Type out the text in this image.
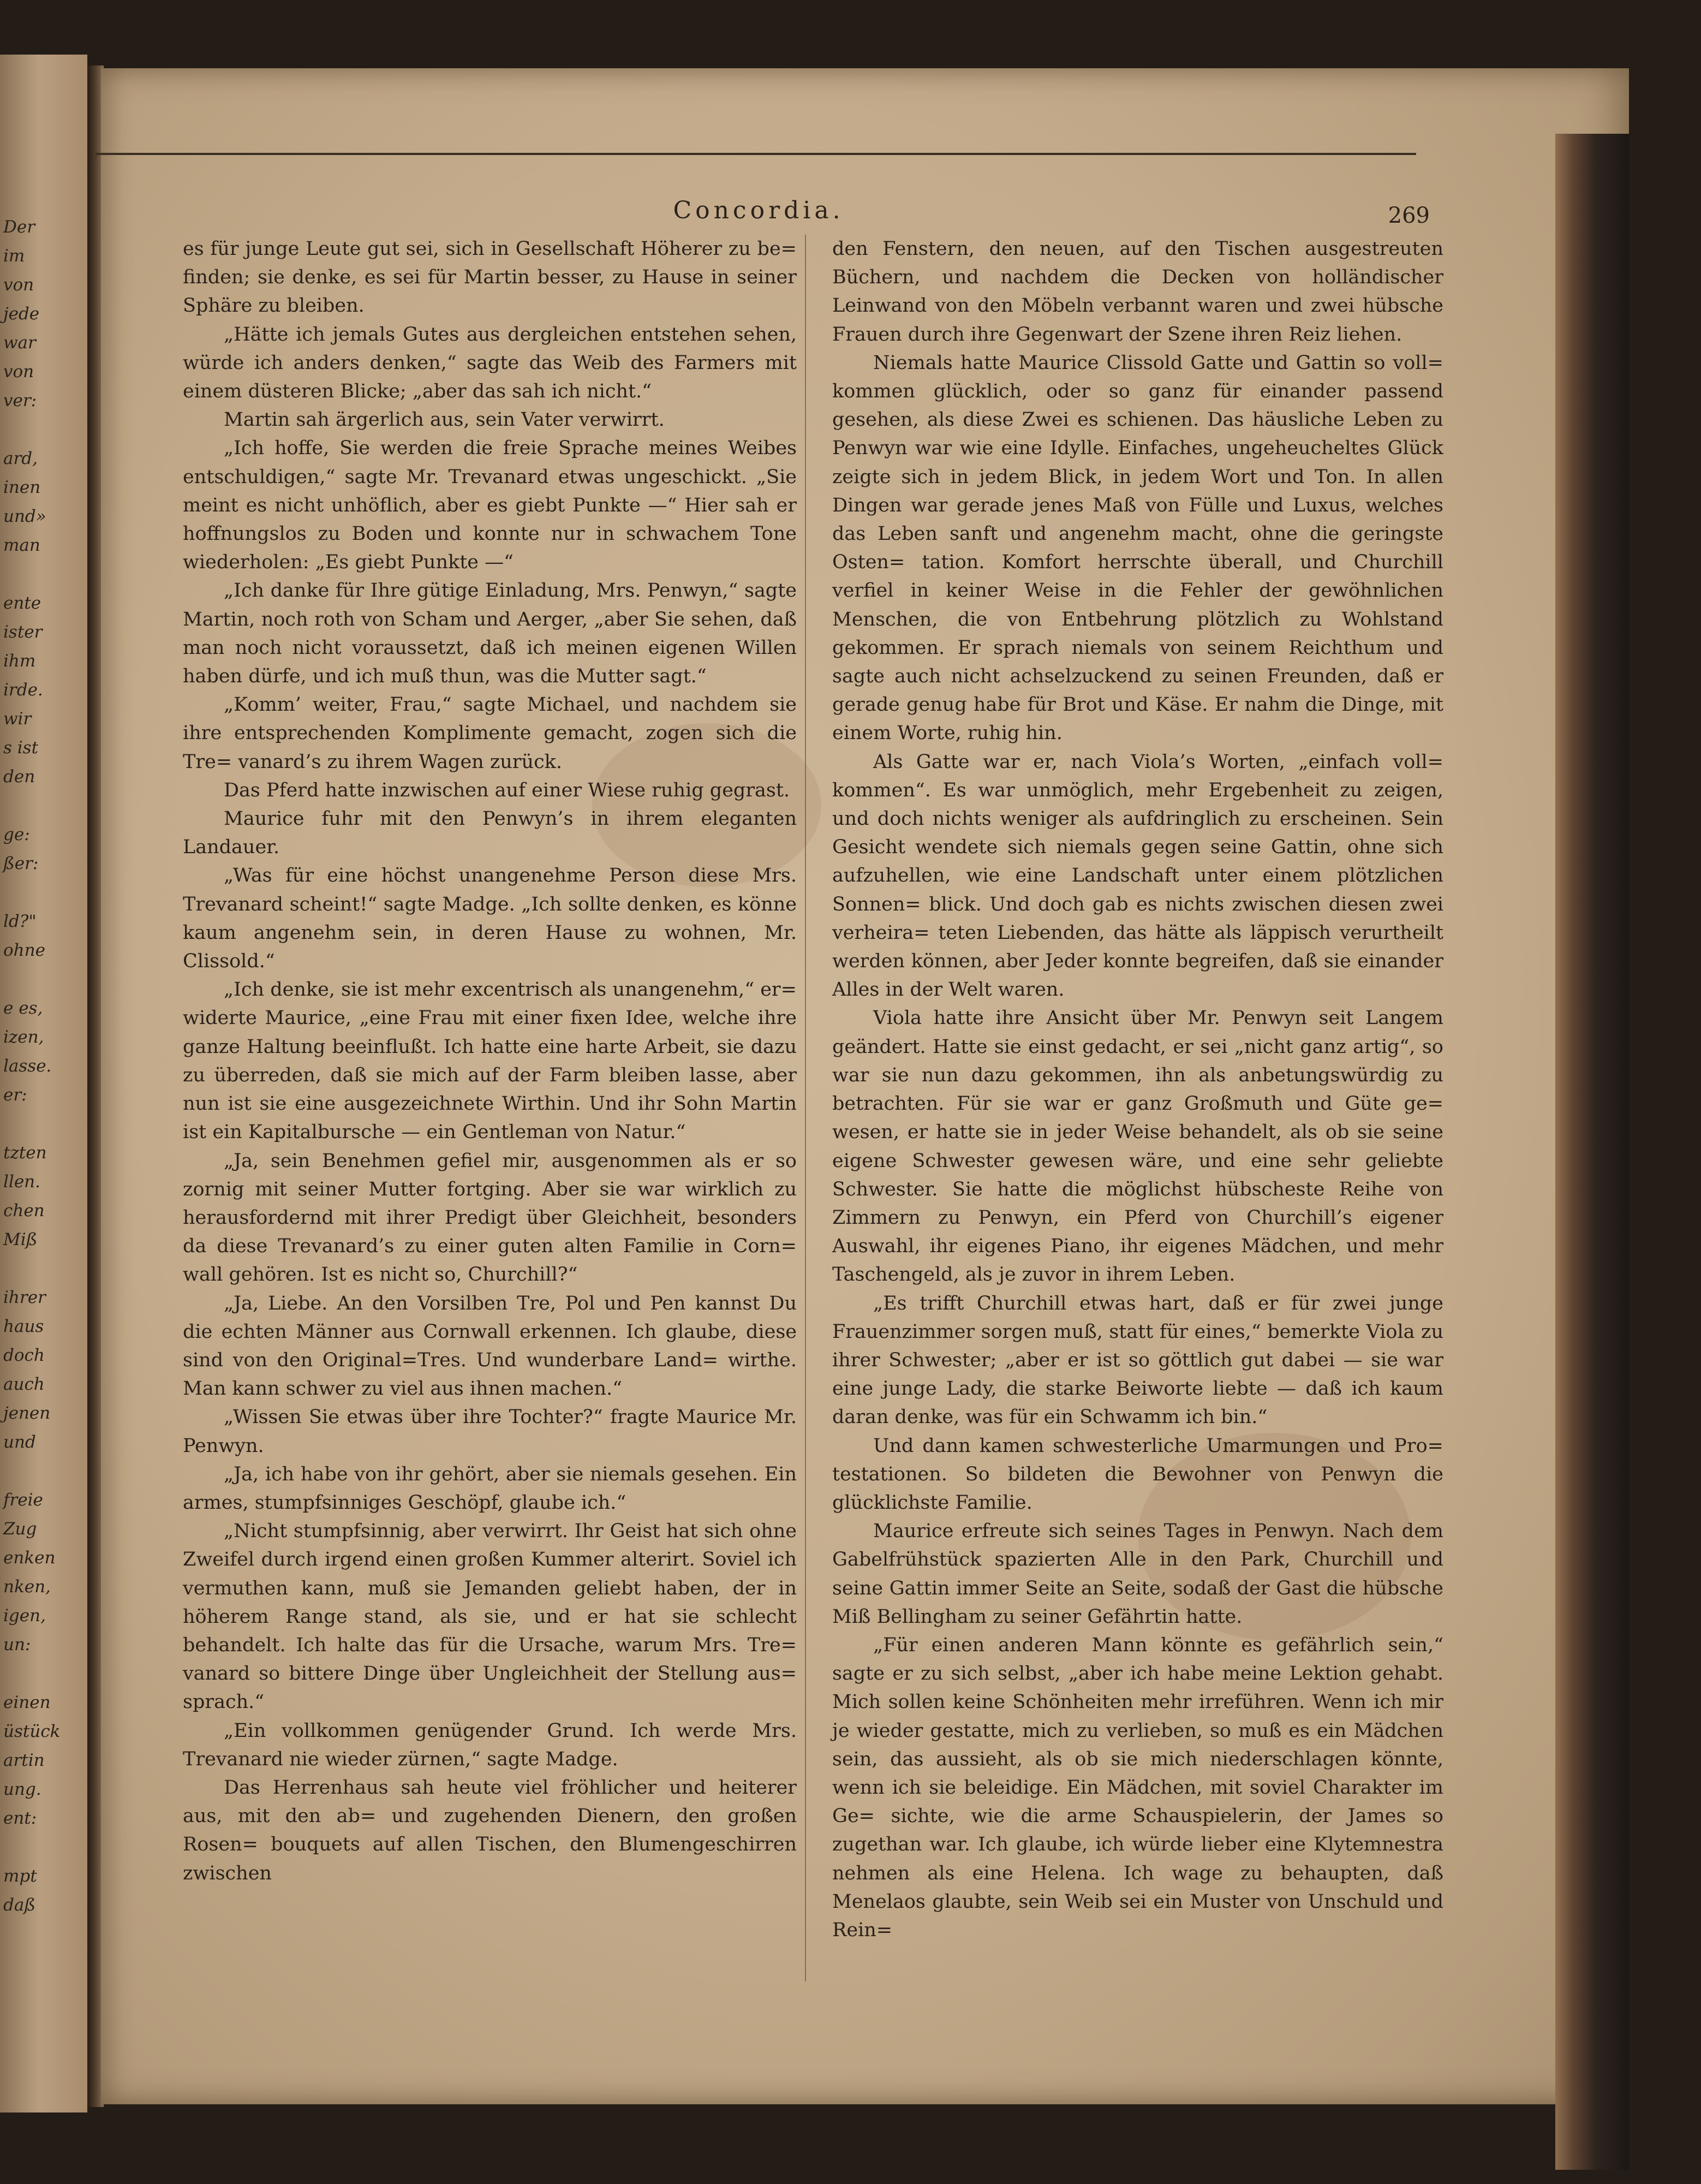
Der
im
von
jede
war
von
ver:
ard,
inen
und»
man
ente
ister
ihm
irde.
wir
s ist
den
ge:
ßer:
ld?"
ohne
e es,
izen,
lasse.
er:
tzten
llen.
chen
Miß
ihrer
haus
doch
auch
jenen
und
freie
Zug
enken
nken,
igen,
un:
einen
üstück
artin
ung.
ent:
mpt
daß
Concordia.	269

es für junge Leute gut sei, sich in Gesellschaft Höherer zu be= finden; sie denke, es sei für Martin besser, zu Hause in seiner Sphäre zu bleiben.

„Hätte ich jemals Gutes aus dergleichen entstehen sehen, würde ich anders denken,“ sagte das Weib des Farmers mit einem düsteren Blicke; „aber das sah ich nicht.“

Martin sah ärgerlich aus, sein Vater verwirrt.

„Ich hoffe, Sie werden die freie Sprache meines Weibes entschuldigen,“ sagte Mr. Trevanard etwas ungeschickt. „Sie meint es nicht unhöflich, aber es giebt Punkte —“ Hier sah er hoffnungslos zu Boden und konnte nur in schwachem Tone wiederholen: „Es giebt Punkte —“

„Ich danke für Ihre gütige Einladung, Mrs. Penwyn,“ sagte Martin, noch roth von Scham und Aerger, „aber Sie sehen, daß man noch nicht voraussetzt, daß ich meinen eigenen Willen haben dürfe, und ich muß thun, was die Mutter sagt.“

„Komm’ weiter, Frau,“ sagte Michael, und nachdem sie ihre entsprechenden Komplimente gemacht, zogen sich die Tre= vanard’s zu ihrem Wagen zurück.

Das Pferd hatte inzwischen auf einer Wiese ruhig gegrast.

Maurice fuhr mit den Penwyn’s in ihrem eleganten Landauer.

„Was für eine höchst unangenehme Person diese Mrs. Trevanard scheint!“ sagte Madge. „Ich sollte denken, es könne kaum angenehm sein, in deren Hause zu wohnen, Mr. Clissold.“

„Ich denke, sie ist mehr excentrisch als unangenehm,“ er= widerte Maurice, „eine Frau mit einer fixen Idee, welche ihre ganze Haltung beeinflußt. Ich hatte eine harte Arbeit, sie dazu zu überreden, daß sie mich auf der Farm bleiben lasse, aber nun ist sie eine ausgezeichnete Wirthin. Und ihr Sohn Martin ist ein Kapitalbursche — ein Gentleman von Natur.“

„Ja, sein Benehmen gefiel mir, ausgenommen als er so zornig mit seiner Mutter fortging. Aber sie war wirklich zu herausfordernd mit ihrer Predigt über Gleichheit, besonders da diese Trevanard’s zu einer guten alten Familie in Corn= wall gehören. Ist es nicht so, Churchill?“

„Ja, Liebe. An den Vorsilben Tre, Pol und Pen kannst Du die echten Männer aus Cornwall erkennen. Ich glaube, diese sind von den Original=Tres. Und wunderbare Land= wirthe. Man kann schwer zu viel aus ihnen machen.“

„Wissen Sie etwas über ihre Tochter?“ fragte Maurice Mr. Penwyn.

„Ja, ich habe von ihr gehört, aber sie niemals gesehen. Ein armes, stumpfsinniges Geschöpf, glaube ich.“

„Nicht stumpfsinnig, aber verwirrt. Ihr Geist hat sich ohne Zweifel durch irgend einen großen Kummer alterirt. Soviel ich vermuthen kann, muß sie Jemanden geliebt haben, der in höherem Range stand, als sie, und er hat sie schlecht behandelt. Ich halte das für die Ursache, warum Mrs. Tre= vanard so bittere Dinge über Ungleichheit der Stellung aus= sprach.“

„Ein vollkommen genügender Grund. Ich werde Mrs. Trevanard nie wieder zürnen,“ sagte Madge.

Das Herrenhaus sah heute viel fröhlicher und heiterer aus, mit den ab= und zugehenden Dienern, den großen Rosen= bouquets auf allen Tischen, den Blumengeschirren zwischen

den Fenstern, den neuen, auf den Tischen ausgestreuten Büchern, und nachdem die Decken von holländischer Leinwand von den Möbeln verbannt waren und zwei hübsche Frauen durch ihre Gegenwart der Szene ihren Reiz liehen.

Niemals hatte Maurice Clissold Gatte und Gattin so voll= kommen glücklich, oder so ganz für einander passend gesehen, als diese Zwei es schienen. Das häusliche Leben zu Penwyn war wie eine Idylle. Einfaches, ungeheucheltes Glück zeigte sich in jedem Blick, in jedem Wort und Ton. In allen Dingen war gerade jenes Maß von Fülle und Luxus, welches das Leben sanft und angenehm macht, ohne die geringste Osten= tation. Komfort herrschte überall, und Churchill verfiel in keiner Weise in die Fehler der gewöhnlichen Menschen, die von Entbehrung plötzlich zu Wohlstand gekommen. Er sprach niemals von seinem Reichthum und sagte auch nicht achselzuckend zu seinen Freunden, daß er gerade genug habe für Brot und Käse. Er nahm die Dinge, mit einem Worte, ruhig hin.

Als Gatte war er, nach Viola’s Worten, „einfach voll= kommen“. Es war unmöglich, mehr Ergebenheit zu zeigen, und doch nichts weniger als aufdringlich zu erscheinen. Sein Gesicht wendete sich niemals gegen seine Gattin, ohne sich aufzuhellen, wie eine Landschaft unter einem plötzlichen Sonnen= blick. Und doch gab es nichts zwischen diesen zwei verheira= teten Liebenden, das hätte als läppisch verurtheilt werden können, aber Jeder konnte begreifen, daß sie einander Alles in der Welt waren.

Viola hatte ihre Ansicht über Mr. Penwyn seit Langem geändert. Hatte sie einst gedacht, er sei „nicht ganz artig“, so war sie nun dazu gekommen, ihn als anbetungswürdig zu betrachten. Für sie war er ganz Großmuth und Güte ge= wesen, er hatte sie in jeder Weise behandelt, als ob sie seine eigene Schwester gewesen wäre, und eine sehr geliebte Schwester. Sie hatte die möglichst hübscheste Reihe von Zimmern zu Penwyn, ein Pferd von Churchill’s eigener Auswahl, ihr eigenes Piano, ihr eigenes Mädchen, und mehr Taschengeld, als je zuvor in ihrem Leben.

„Es trifft Churchill etwas hart, daß er für zwei junge Frauenzimmer sorgen muß, statt für eines,“ bemerkte Viola zu ihrer Schwester; „aber er ist so göttlich gut dabei — sie war eine junge Lady, die starke Beiworte liebte — daß ich kaum daran denke, was für ein Schwamm ich bin.“

Und dann kamen schwesterliche Umarmungen und Pro= testationen. So bildeten die Bewohner von Penwyn die glücklichste Familie.

Maurice erfreute sich seines Tages in Penwyn. Nach dem Gabelfrühstück spazierten Alle in den Park, Churchill und seine Gattin immer Seite an Seite, sodaß der Gast die hübsche Miß Bellingham zu seiner Gefährtin hatte.

„Für einen anderen Mann könnte es gefährlich sein,“ sagte er zu sich selbst, „aber ich habe meine Lektion gehabt. Mich sollen keine Schönheiten mehr irreführen. Wenn ich mir je wieder gestatte, mich zu verlieben, so muß es ein Mädchen sein, das aussieht, als ob sie mich niederschlagen könnte, wenn ich sie beleidige. Ein Mädchen, mit soviel Charakter im Ge= sichte, wie die arme Schauspielerin, der James so zugethan war. Ich glaube, ich würde lieber eine Klytemnestra nehmen als eine Helena. Ich wage zu behaupten, daß Menelaos glaubte, sein Weib sei ein Muster von Unschuld und Rein=
